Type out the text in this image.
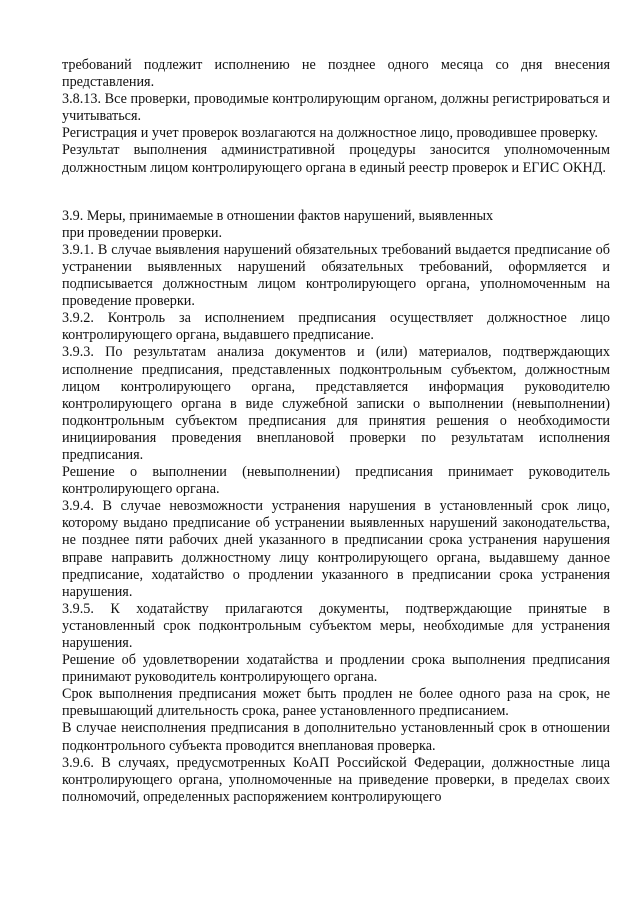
требований подлежит исполнению не позднее одного месяца со дня внесения представления.

3.8.13. Все проверки, проводимые контролирующим органом, должны регистрироваться и учитываться.

Регистрация и учет проверок возлагаются на должностное лицо, проводившее проверку.

Результат выполнения административной процедуры заносится уполномоченным должностным лицом контролирующего органа в единый реестр проверок и ЕГИС ОКНД.

3.9. Меры, принимаемые в отношении фактов нарушений, выявленных

при проведении проверки.

3.9.1. В случае выявления нарушений обязательных требований выдается предписание об устранении выявленных нарушений обязательных требований, оформляется и подписывается должностным лицом контролирующего органа, уполномоченным на проведение проверки.

3.9.2. Контроль за исполнением предписания осуществляет должностное лицо контролирующего органа, выдавшего предписание.

3.9.3. По результатам анализа документов и (или) материалов, подтверждающих исполнение предписания, представленных подконтрольным субъектом, должностным лицом контролирующего органа, представляется информация руководителю контролирующего органа в виде служебной записки о выполнении (невыполнении) подконтрольным субъектом предписания для принятия решения о необходимости инициирования проведения внеплановой проверки по результатам исполнения предписания.

Решение о выполнении (невыполнении) предписания принимает руководитель контролирующего органа.

3.9.4. В случае невозможности устранения нарушения в установленный срок лицо, которому выдано предписание об устранении выявленных нарушений законодательства, не позднее пяти рабочих дней указанного в предписании срока устранения нарушения вправе направить должностному лицу контролирующего органа, выдавшему данное предписание, ходатайство о продлении указанного в предписании срока устранения нарушения.

3.9.5. К ходатайству прилагаются документы, подтверждающие принятые в установленный срок подконтрольным субъектом меры, необходимые для устранения нарушения.

Решение об удовлетворении ходатайства и продлении срока выполнения предписания принимают руководитель контролирующего органа.

Срок выполнения предписания может быть продлен не более одного раза на срок, не превышающий длительность срока, ранее установленного предписанием.

В случае неисполнения предписания в дополнительно установленный срок в отношении подконтрольного субъекта проводится внеплановая проверка.

3.9.6. В случаях, предусмотренных КоАП Российской Федерации, должностные лица контролирующего органа, уполномоченные на приведение проверки, в пределах своих полномочий, определенных распоряжением контролирующего
